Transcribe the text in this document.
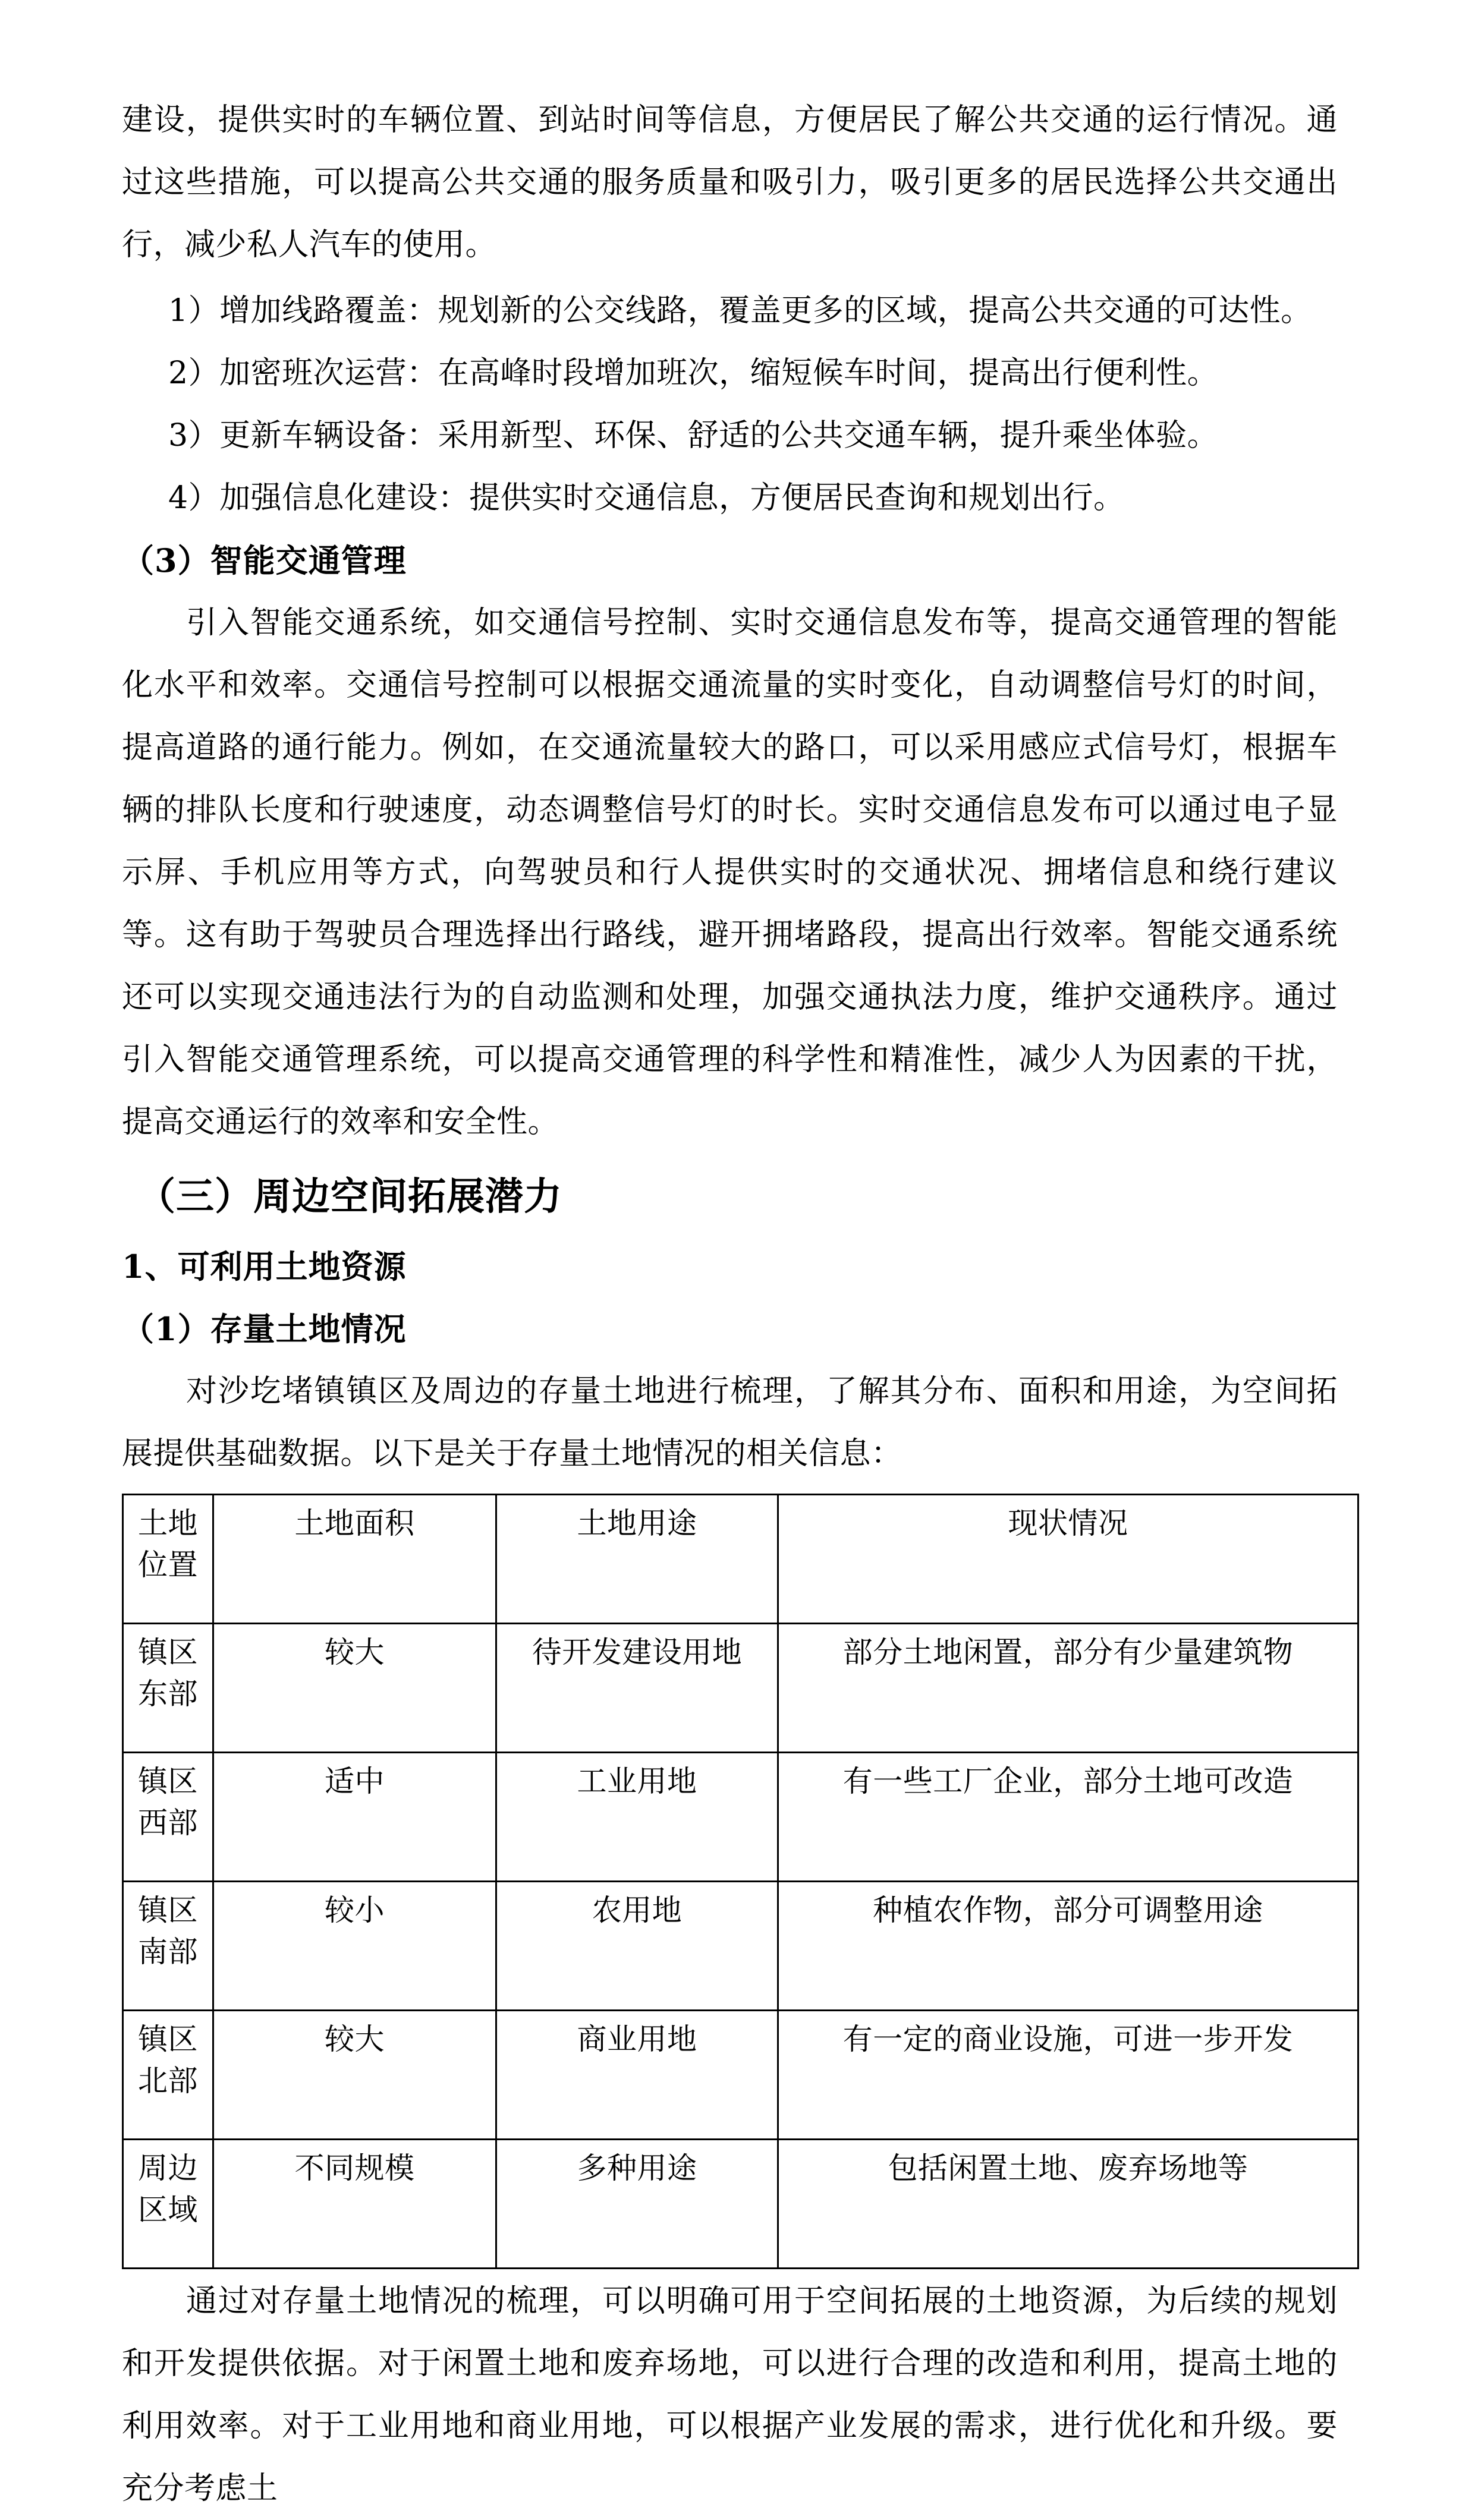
建设，提供实时的车辆位置、到站时间等信息，方便居民了解公共交通的运行情况。通过这些措施，可以提高公共交通的服务质量和吸引力，吸引更多的居民选择公共交通出行，减少私人汽车的使用。

1）增加线路覆盖：规划新的公交线路，覆盖更多的区域，提高公共交通的可达性。

2）加密班次运营：在高峰时段增加班次，缩短候车时间，提高出行便利性。

3）更新车辆设备：采用新型、环保、舒适的公共交通车辆，提升乘坐体验。

4）加强信息化建设：提供实时交通信息，方便居民查询和规划出行。

（3）智能交通管理

引入智能交通系统，如交通信号控制、实时交通信息发布等，提高交通管理的智能化水平和效率。交通信号控制可以根据交通流量的实时变化，自动调整信号灯的时间，提高道路的通行能力。例如，在交通流量较大的路口，可以采用感应式信号灯，根据车辆的排队长度和行驶速度，动态调整信号灯的时长。实时交通信息发布可以通过电子显示屏、手机应用等方式，向驾驶员和行人提供实时的交通状况、拥堵信息和绕行建议等。这有助于驾驶员合理选择出行路线，避开拥堵路段，提高出行效率。智能交通系统还可以实现交通违法行为的自动监测和处理，加强交通执法力度，维护交通秩序。通过引入智能交通管理系统，可以提高交通管理的科学性和精准性，减少人为因素的干扰，提高交通运行的效率和安全性。

（三）周边空间拓展潜力
1、可利用土地资源
（1）存量土地情况

对沙圪堵镇镇区及周边的存量土地进行梳理，了解其分布、面积和用途，为空间拓展提供基础数据。以下是关于存量土地情况的相关信息：

土地位置	土地面积	土地用途	现状情况
镇区东部	较大	待开发建设用地	部分土地闲置，部分有少量建筑物
镇区西部	适中	工业用地	有一些工厂企业，部分土地可改造
镇区南部	较小	农用地	种植农作物，部分可调整用途
镇区北部	较大	商业用地	有一定的商业设施，可进一步开发
周边区域	不同规模	多种用途	包括闲置土地、废弃场地等

通过对存量土地情况的梳理，可以明确可用于空间拓展的土地资源，为后续的规划和开发提供依据。对于闲置土地和废弃场地，可以进行合理的改造和利用，提高土地的利用效率。对于工业用地和商业用地，可以根据产业发展的需求，进行优化和升级。要充分考虑土
